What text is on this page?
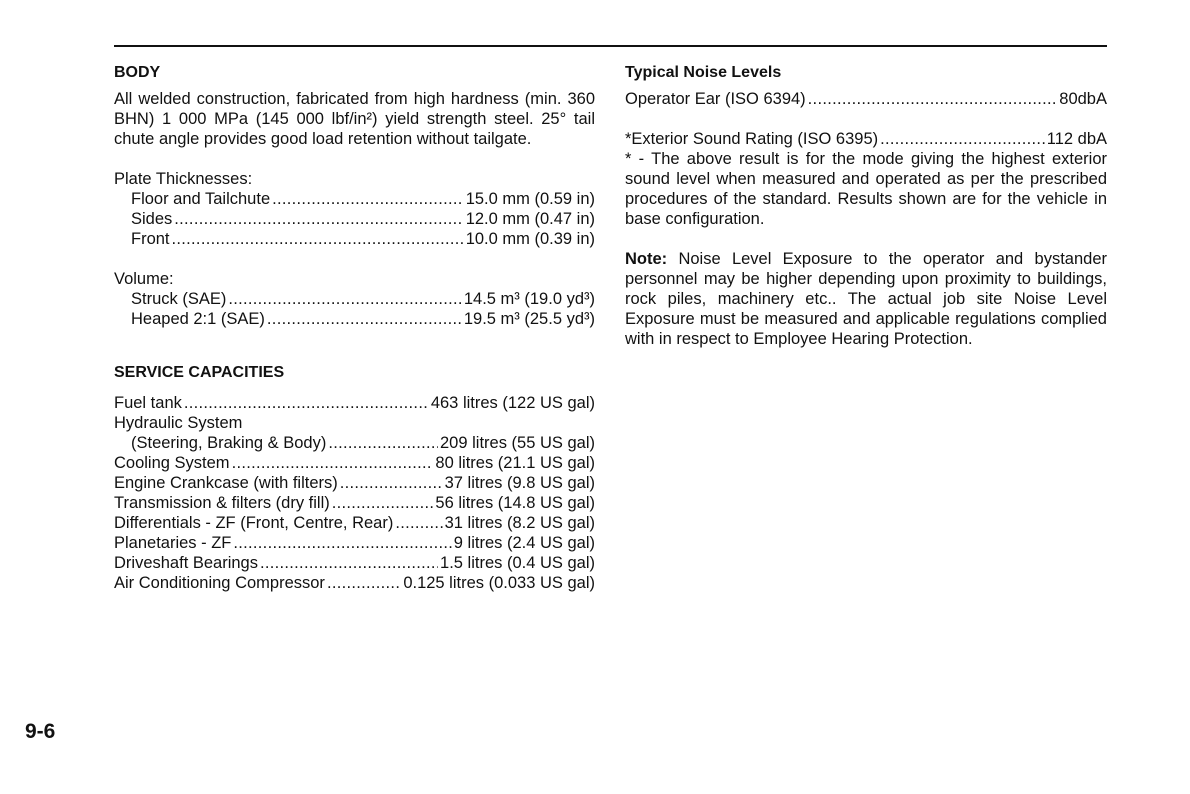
BODY

All welded construction, fabricated from high hardness (min. 360 BHN) 1 000 MPa (145 000 lbf/in²) yield strength steel. 25° tail chute angle provides good load retention without tailgate.

Plate Thicknesses:

Floor and Tailchute .....	15.0 mm (0.59 in)
Sides .....	12.0 mm (0.47 in)
Front .....	10.0 mm (0.39 in)

Volume:

Struck (SAE) .....	14.5 m³ (19.0 yd³)
Heaped 2:1 (SAE) .....	19.5 m³ (25.5 yd³)
SERVICE CAPACITIES
Fuel tank .....	463 litres (122 US gal)

Hydraulic System

(Steering, Braking & Body) .....	209 litres (55 US gal)
Cooling System .....	80 litres (21.1 US gal)
Engine Crankcase (with filters) .....	37 litres (9.8 US gal)
Transmission & filters (dry fill) .....	56 litres (14.8 US gal)
Differentials - ZF (Front, Centre, Rear) .....	31 litres (8.2 US gal)
Planetaries - ZF .....	9 litres (2.4 US gal)
Driveshaft Bearings .....	1.5 litres (0.4 US gal)
Air Conditioning Compressor .....	0.125 litres (0.033 US gal)
Typical Noise Levels
Operator Ear (ISO 6394) .....	80dbA
*Exterior Sound Rating (ISO 6395) .....	112 dbA

* - The above result is for the mode giving the highest exterior sound level when measured and operated as per the prescribed procedures of the standard. Results shown are for the vehicle in base configuration.

Note: Noise Level Exposure to the operator and bystander personnel may be higher depending upon proximity to buildings, rock piles, machinery etc.. The actual job site Noise Level Exposure must be measured and applicable regulations complied with in respect to Employee Hearing Protection.

9-6
